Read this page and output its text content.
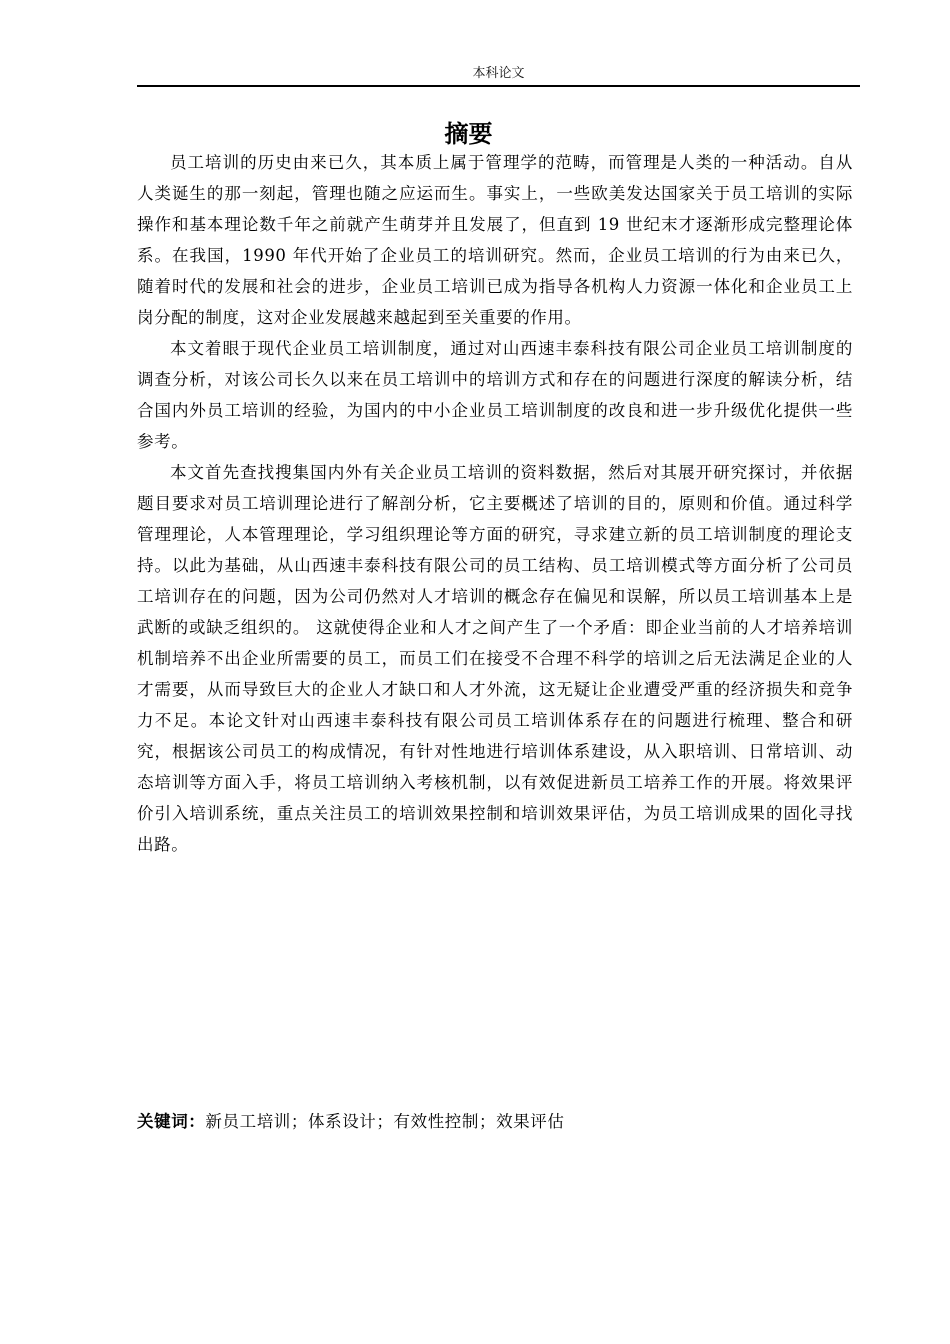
本科论文
摘要

员工培训的历史由来已久，其本质上属于管理学的范畴，而管理是人类的一种活动。自从人类诞生的那一刻起，管理也随之应运而生。事实上，一些欧美发达国家关于员工培训的实际操作和基本理论数千年之前就产生萌芽并且发展了，但直到 19 世纪末才逐渐形成完整理论体系。在我国，1990 年代开始了企业员工的培训研究。然而，企业员工培训的行为由来已久，随着时代的发展和社会的进步，企业员工培训已成为指导各机构人力资源一体化和企业员工上岗分配的制度，这对企业发展越来越起到至关重要的作用。

本文着眼于现代企业员工培训制度，通过对山西速丰泰科技有限公司企业员工培训制度的调查分析，对该公司长久以来在员工培训中的培训方式和存在的问题进行深度的解读分析，结合国内外员工培训的经验，为国内的中小企业员工培训制度的改良和进一步升级优化提供一些参考。

本文首先查找搜集国内外有关企业员工培训的资料数据，然后对其展开研究探讨，并依据题目要求对员工培训理论进行了解剖分析，它主要概述了培训的目的，原则和价值。通过科学管理理论，人本管理理论，学习组织理论等方面的研究，寻求建立新的员工培训制度的理论支持。以此为基础，从山西速丰泰科技有限公司的员工结构、员工培训模式等方面分析了公司员工培训存在的问题，因为公司仍然对人才培训的概念存在偏见和误解，所以员工培训基本上是武断的或缺乏组织的。 这就使得企业和人才之间产生了一个矛盾：即企业当前的人才培养培训机制培养不出企业所需要的员工，而员工们在接受不合理不科学的培训之后无法满足企业的人才需要，从而导致巨大的企业人才缺口和人才外流，这无疑让企业遭受严重的经济损失和竞争力不足。本论文针对山西速丰泰科技有限公司员工培训体系存在的问题进行梳理、整合和研究，根据该公司员工的构成情况，有针对性地进行培训体系建设，从入职培训、日常培训、动态培训等方面入手，将员工培训纳入考核机制，以有效促进新员工培养工作的开展。将效果评价引入培训系统，重点关注员工的培训效果控制和培训效果评估，为员工培训成果的固化寻找出路。

关键词：新员工培训；体系设计；有效性控制；效果评估
